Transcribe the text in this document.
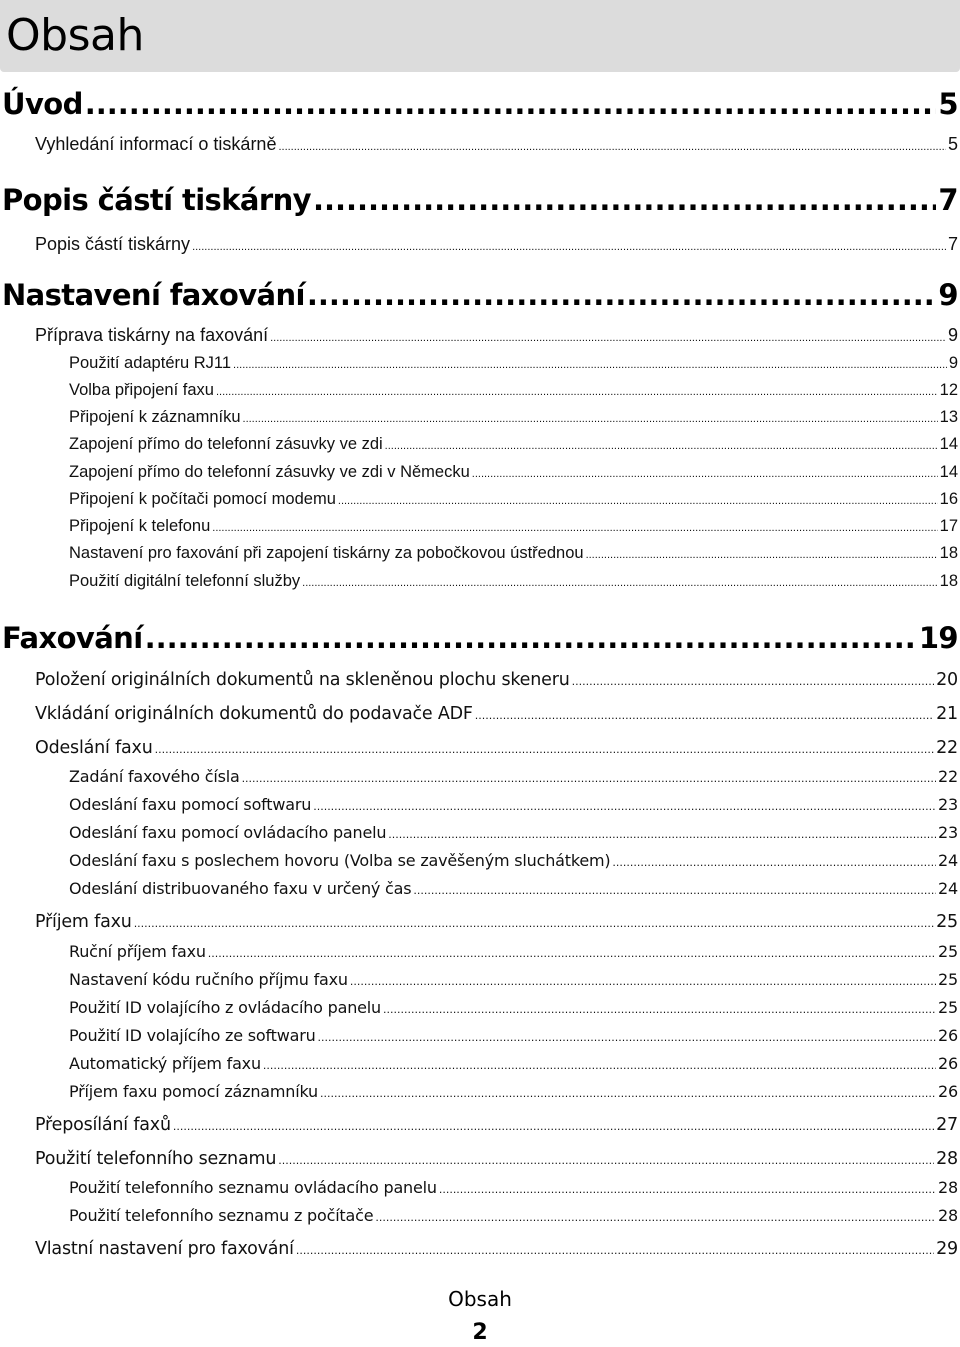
Obsah
Úvod .....	5
Vyhledání informací o tiskárně .....	5
Popis částí tiskárny .....	7
Popis částí tiskárny .....	7
Nastavení faxování .....	9
Příprava tiskárny na faxování .....	9
Použití adaptéru RJ11 .....	9
Volba připojení faxu .....	12
Připojení k záznamníku .....	13
Zapojení přímo do telefonní zásuvky ve zdi .....	14
Zapojení přímo do telefonní zásuvky ve zdi v Německu .....	14
Připojení k počítači pomocí modemu .....	16
Připojení k telefonu .....	17
Nastavení pro faxování při zapojení tiskárny za pobočkovou ústřednou .....	18
Použití digitální telefonní služby .....	18
Faxování .....	19
Položení originálních dokumentů na skleněnou plochu skeneru .....	20
Vkládání originálních dokumentů do podavače ADF .....	21
Odeslání faxu .....	22
Zadání faxového čísla .....	22
Odeslání faxu pomocí softwaru .....	23
Odeslání faxu pomocí ovládacího panelu .....	23
Odeslání faxu s poslechem hovoru (Volba se zavěšeným sluchátkem) .....	24
Odeslání distribuovaného faxu v určený čas .....	24
Příjem faxu .....	25
Ruční příjem faxu .....	25
Nastavení kódu ručního příjmu faxu .....	25
Použití ID volajícího z ovládacího panelu .....	25
Použití ID volajícího ze softwaru .....	26
Automatický příjem faxu .....	26
Příjem faxu pomocí záznamníku .....	26
Přeposílání faxů .....	27
Použití telefonního seznamu .....	28
Použití telefonního seznamu ovládacího panelu .....	28
Použití telefonního seznamu z počítače .....	28
Vlastní nastavení pro faxování .....	29
Obsah
2
